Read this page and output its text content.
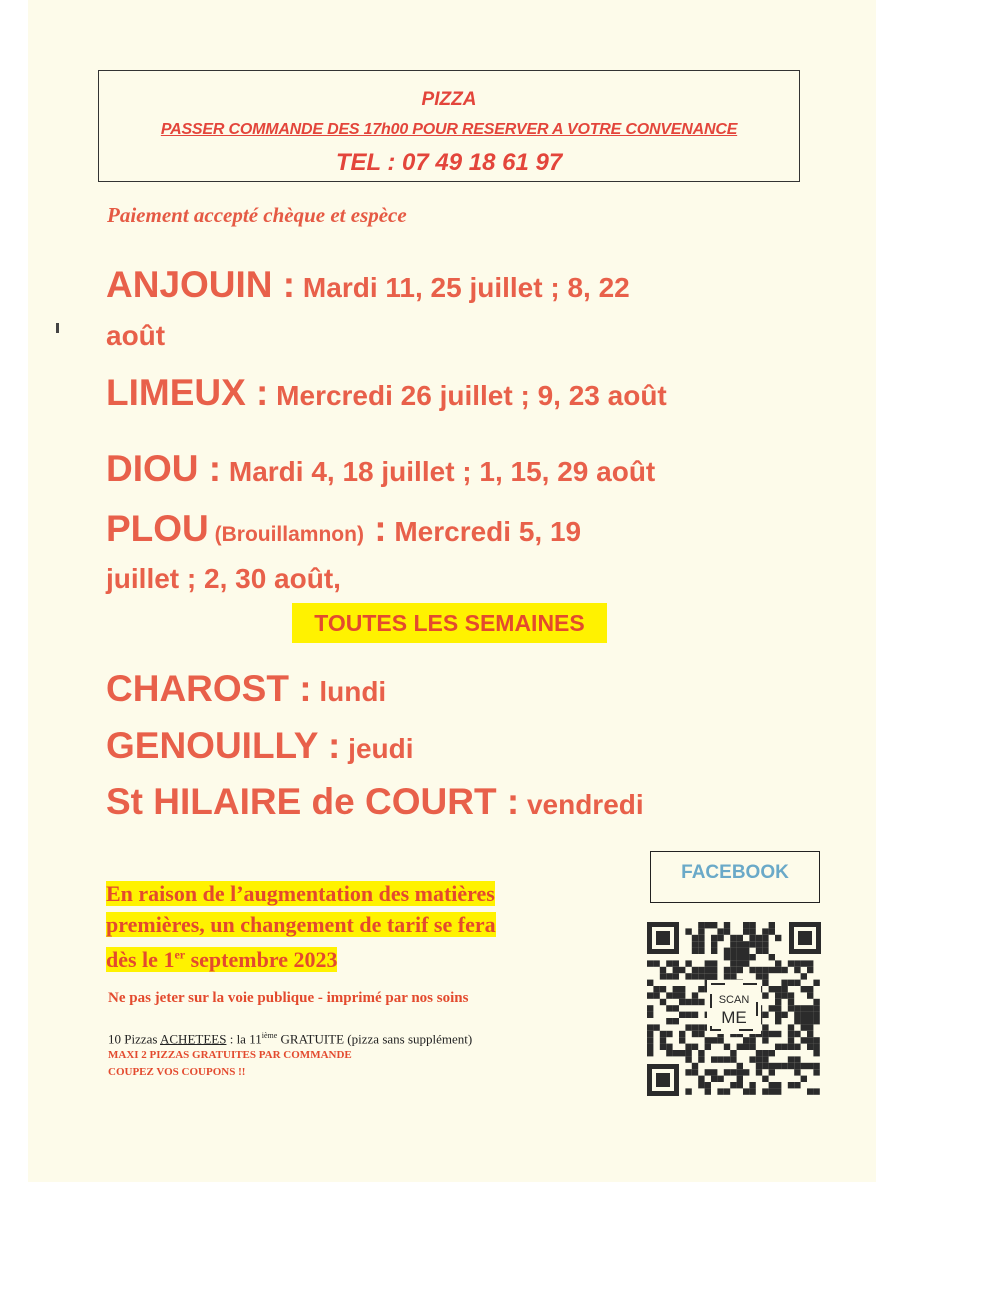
PIZZA
PASSER COMMANDE DES 17h00 POUR RESERVER A VOTRE CONVENANCE
TEL : 07 49 18 61 97
Paiement accepté chèque et espèce
ANJOUIN : Mardi 11, 25 juillet ; 8, 22
août
LIMEUX : Mercredi 26 juillet ; 9, 23 août
DIOU : Mardi 4, 18 juillet ; 1, 15, 29 août
PLOU (Brouillamnon) : Mercredi 5, 19
juillet ; 2, 30 août,
TOUTES LES SEMAINES
CHAROST : lundi
GENOUILLY : jeudi
St HILAIRE de COURT : vendredi
FACEBOOK
En raison de l’augmentation des matières
premières, un changement de tarif se fera
dès le 1er septembre 2023
Ne pas jeter sur la voie publique - imprimé par nos soins
10 Pizzas ACHETEES : la 11ième GRATUITE (pizza sans supplément)
MAXI 2 PIZZAS GRATUITES PAR COMMANDE
COUPEZ VOS COUPONS !!
SCAN
ME
